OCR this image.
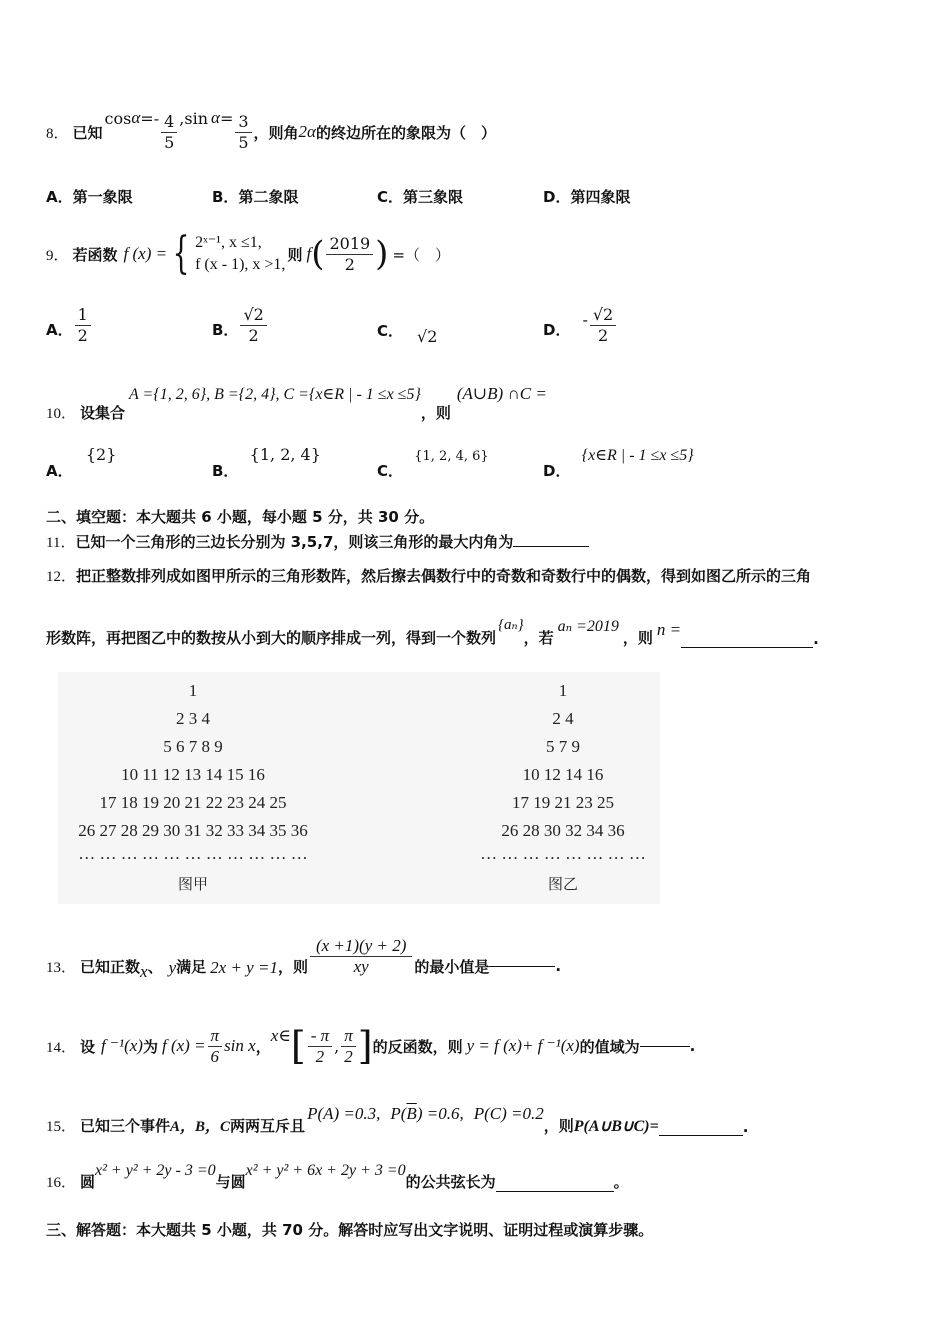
8． 已知
$\cos \alpha =- \frac{4}{5} ,\sin$ $\alpha = \frac{3}{5}$ ，则角 2α 的终边所在的象限为（　）
A．第一象限	B．第二象限	C．第三象限	D．第四象限
9． 若函数 f (x) = { 2ˣ⁻¹, x ≤1,
f (x - 1), x >1,
则 f ( $\frac{2019}{2}$ ) =（　）
A． $\frac{1}{2}$	B． $\frac{√2}{2}$	C． √2	D．
- $\frac{√2}{2}$
10． 设集合
A ={1, 2, 6}, B ={2, 4}, C ={x∈R | - 1 ≤x ≤5}
，则
(A∪B) ∩C =
A． {2}
B． {1, 2, 4}
C． {1, 2, 4, 6}
D． {x∈R | - 1 ≤x ≤5}
二、填空题：本大题共 6 小题，每小题 5 分，共 30 分。
11．已知一个三角形的三边长分别为 3,5,7，则该三角形的最大内角为
12．把正整数排列成如图甲所示的三角形数阵，然后擦去偶数行中的奇数和奇数行中的偶数，得到如图乙所示的三角
形数阵，再把图乙中的数按从小到大的顺序排成一列，得到一个数列
{aₙ}
，若
aₙ =2019
，则 n =	.
1
2 3 4
5 6 7 8 9
10 11 12 13 14 15 16
17 18 19 20 21 22 23 24 25
26 27 28 29 30 31 32 33 34 35 36
… … … … … … … … … … …
图甲
1
2 4
5 7 9
10 12 14 16
17 19 21 23 25
26 28 30 32 34 36
… … … … … … … …
图乙
13． 已知正数 x 、 y 满足 2x + y =1 ，则 $\frac{(x +1)(y + 2)}{xy}$ 的最小值是	.
14． 设 f ⁻¹(x) 为 f $(x) = \frac{\pi}{6}$ sin x ，
x∈ [ $\frac{- \pi}{2}$ , $\frac{\pi}{2}$ ] 的反函数，则 y = f (x)+ f ⁻¹(x) 的值域为	.
15． 已知三个事件 A，B，C 两两互斥且
P(A) =0.3, P( $\overline{B}$ ) =0.6, P(C) =0.2
，则 P(A∪B∪C)=	.
16． 圆
x² + y² + 2y - 3 =0
与圆
x² + y² + 6x + 2y + 3 =0
的公共弦长为	。
三、解答题：本大题共 5 小题，共 70 分。解答时应写出文字说明、证明过程或演算步骤。
